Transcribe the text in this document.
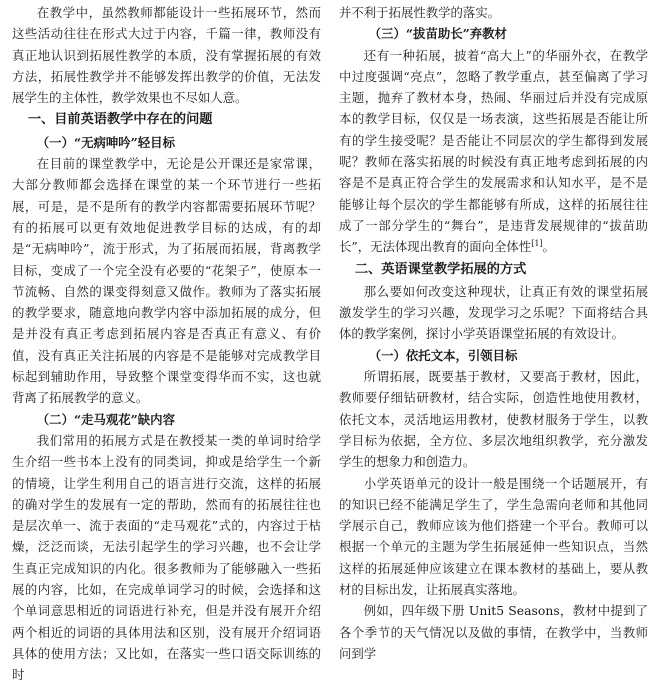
在教学中，虽然教师都能设计一些拓展环节，然而这些活动往往在形式大过于内容，千篇一律，教师没有真正地认识到拓展性教学的本质，没有掌握拓展的有效方法，拓展性教学并不能够发挥出教学的价值，无法发展学生的主体性，教学效果也不尽如人意。

一、目前英语教学中存在的问题

（一）“无病呻吟”轻目标

在目前的课堂教学中，无论是公开课还是家常课，大部分教师都会选择在课堂的某一个环节进行一些拓展，可是，是不是所有的教学内容都需要拓展环节呢？有的拓展可以更有效地促进教学目标的达成，有的却是“无病呻吟”，流于形式，为了拓展而拓展，背离教学目标，变成了一个完全没有必要的“花架子”，使原本一节流畅、自然的课变得刻意又做作。教师为了落实拓展的教学要求，随意地向教学内容中添加拓展的成分，但是并没有真正考虑到拓展内容是否真正有意义、有价值，没有真正关注拓展的内容是不是能够对完成教学目标起到辅助作用，导致整个课堂变得华而不实，这也就背离了拓展教学的意义。

（二）“走马观花”缺内容

我们常用的拓展方式是在教授某一类的单词时给学生介绍一些书本上没有的同类词，抑或是给学生一个新的情境，让学生利用自己的语言进行交流，这样的拓展的确对学生的发展有一定的帮助，然而有的拓展往往也是层次单一、流于表面的“走马观花”式的，内容过于枯燥，泛泛而谈，无法引起学生的学习兴趣，也不会让学生真正完成知识的内化。很多教师为了能够融入一些拓展的内容，比如，在完成单词学习的时候，会选择和这个单词意思相近的词语进行补充，但是并没有展开介绍两个相近的词语的具体用法和区别，没有展开介绍词语具体的使用方法；又比如，在落实一些口语交际训练的时

并不利于拓展性教学的落实。

（三）“拔苗助长”弃教材

还有一种拓展，披着“高大上”的华丽外衣，在教学中过度强调“亮点”，忽略了教学重点，甚至偏离了学习主题，抛弃了教材本身，热闹、华丽过后并没有完成原本的教学目标，仅仅是一场表演，这些拓展是否能让所有的学生接受呢？是否能让不同层次的学生都得到发展呢？教师在落实拓展的时候没有真正地考虑到拓展的内容是不是真正符合学生的发展需求和认知水平，是不是能够让每个层次的学生都能够有所成，这样的拓展往往成了一部分学生的“舞台”，是违背发展规律的“拔苗助长”，无法体现出教育的面向全体性[1]。

二、英语课堂教学拓展的方式

那么要如何改变这种现状，让真正有效的课堂拓展激发学生的学习兴趣，发现学习之乐呢？下面将结合具体的教学案例，探讨小学英语课堂拓展的有效设计。

（一）依托文本，引领目标

所谓拓展，既要基于教材，又要高于教材，因此，教师要仔细钻研教材，结合实际，创造性地使用教材，依托文本，灵活地运用教材，使教材服务于学生，以教学目标为依据，全方位、多层次地组织教学，充分激发学生的想象力和创造力。

小学英语单元的设计一般是围绕一个话题展开，有的知识已经不能满足学生了，学生急需向老师和其他同学展示自己，教师应该为他们搭建一个平台。教师可以根据一个单元的主题为学生拓展延伸一些知识点，当然这样的拓展延伸应该建立在课本教材的基础上，要从教材的目标出发，让拓展真实落地。

例如，四年级下册 Unit5 Seasons，教材中提到了各个季节的天气情况以及做的事情，在教学中，当教师问到学
